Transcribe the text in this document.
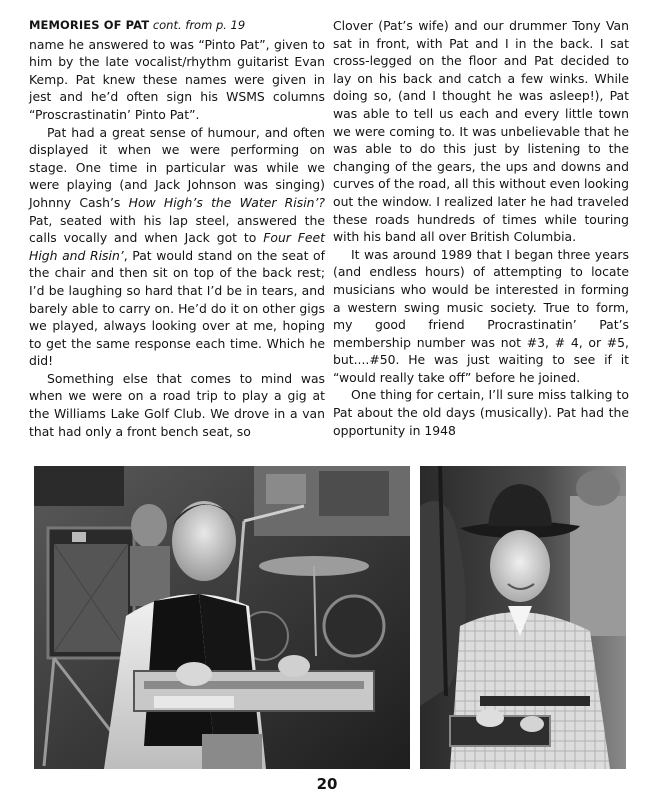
MEMORIES OF PAT cont. from p. 19

name he answered to was “Pinto Pat”, given to him by the late vocalist/rhythm guitarist Evan Kemp. Pat knew these names were given in jest and he’d often sign his WSMS columns “Proscrastinatin’ Pinto Pat”.

Pat had a great sense of humour, and often displayed it when we were performing on stage. One time in particular was while we were playing (and Jack Johnson was singing) Johnny Cash’s How High’s the Water Risin’? Pat, seated with his lap steel, answered the calls vocally and when Jack got to Four Feet High and Risin’, Pat would stand on the seat of the chair and then sit on top of the back rest; I’d be laughing so hard that I’d be in tears, and barely able to carry on. He’d do it on other gigs we played, always looking over at me, hoping to get the same response each time. Which he did!

Something else that comes to mind was when we were on a road trip to play a gig at the Williams Lake Golf Club. We drove in a van that had only a front bench seat, so

Clover (Pat’s wife) and our drummer Tony Van sat in front, with Pat and I in the back. I sat cross-legged on the floor and Pat decided to lay on his back and catch a few winks. While doing so, (and I thought he was asleep!), Pat was able to tell us each and every little town we were coming to. It was unbelievable that he was able to do this just by listening to the changing of the gears, the ups and downs and curves of the road, all this without even looking out the window. I realized later he had traveled these roads hundreds of times while touring with his band all over British Columbia.

It was around 1989 that I began three years (and endless hours) of attempting to locate musicians who would be interested in forming a western swing music society. True to form, my good friend Procrastinatin’ Pat’s membership number was not #3, # 4, or #5, but....#50. He was just waiting to see if it “would really take off” before he joined.

One thing for certain, I’ll sure miss talking to Pat about the old days (musically). Pat had the opportunity in 1948

20
